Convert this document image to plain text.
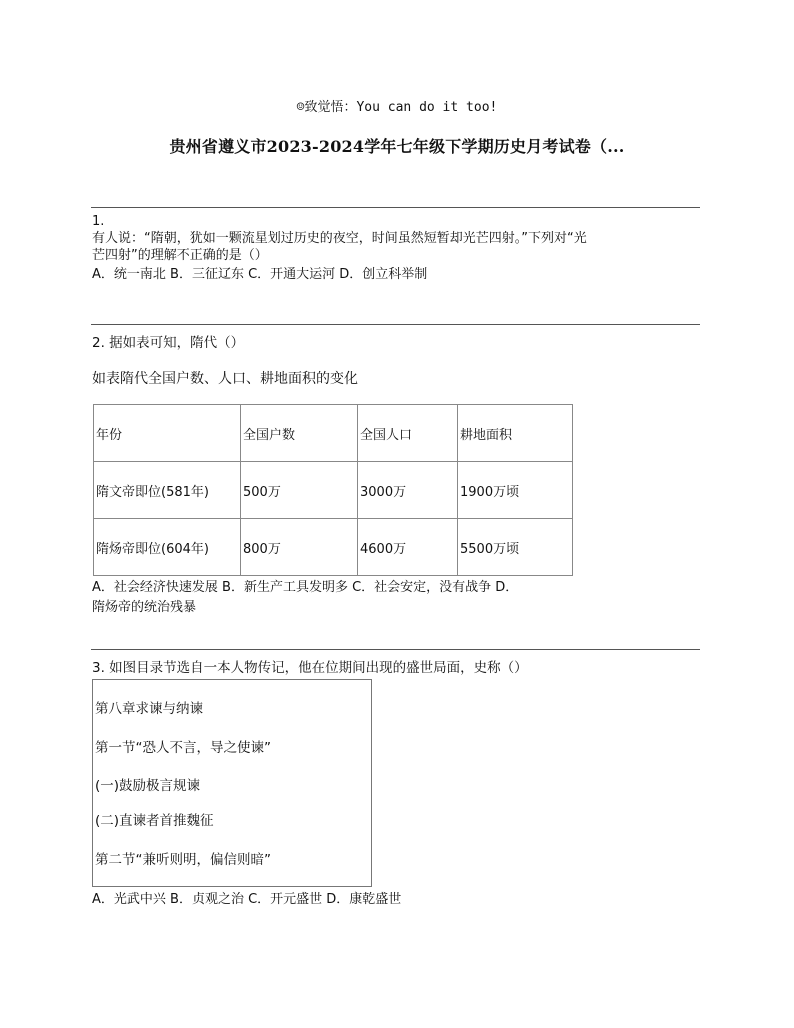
☺致觉悟：You can do it too!
贵州省遵义市2023-2024学年七年级下学期历史月考试卷（...
1.
有人说：“隋朝，犹如一颗流星划过历史的夜空，时间虽然短暂却光芒四射。”下列对“光
芒四射”的理解不正确的是（）
A．统一南北 B．三征辽东 C．开通大运河 D．创立科举制
2. 据如表可知，隋代（）
如表隋代全国户数、人口、耕地面积的变化
年份	全国户数	全国人口	耕地面积
隋文帝即位(581年)	500万	3000万	1900万顷
隋炀帝即位(604年)	800万	4600万	5500万顷
A．社会经济快速发展 B．新生产工具发明多 C．社会安定，没有战争 D．
隋炀帝的统治残暴
3. 如图目录节选自一本人物传记，他在位期间出现的盛世局面，史称（）
第八章求谏与纳谏
第一节“恐人不言，导之使谏”
(一)鼓励极言规谏
(二)直谏者首推魏征
第二节“兼听则明，偏信则暗”
A．光武中兴 B．贞观之治 C．开元盛世 D．康乾盛世
